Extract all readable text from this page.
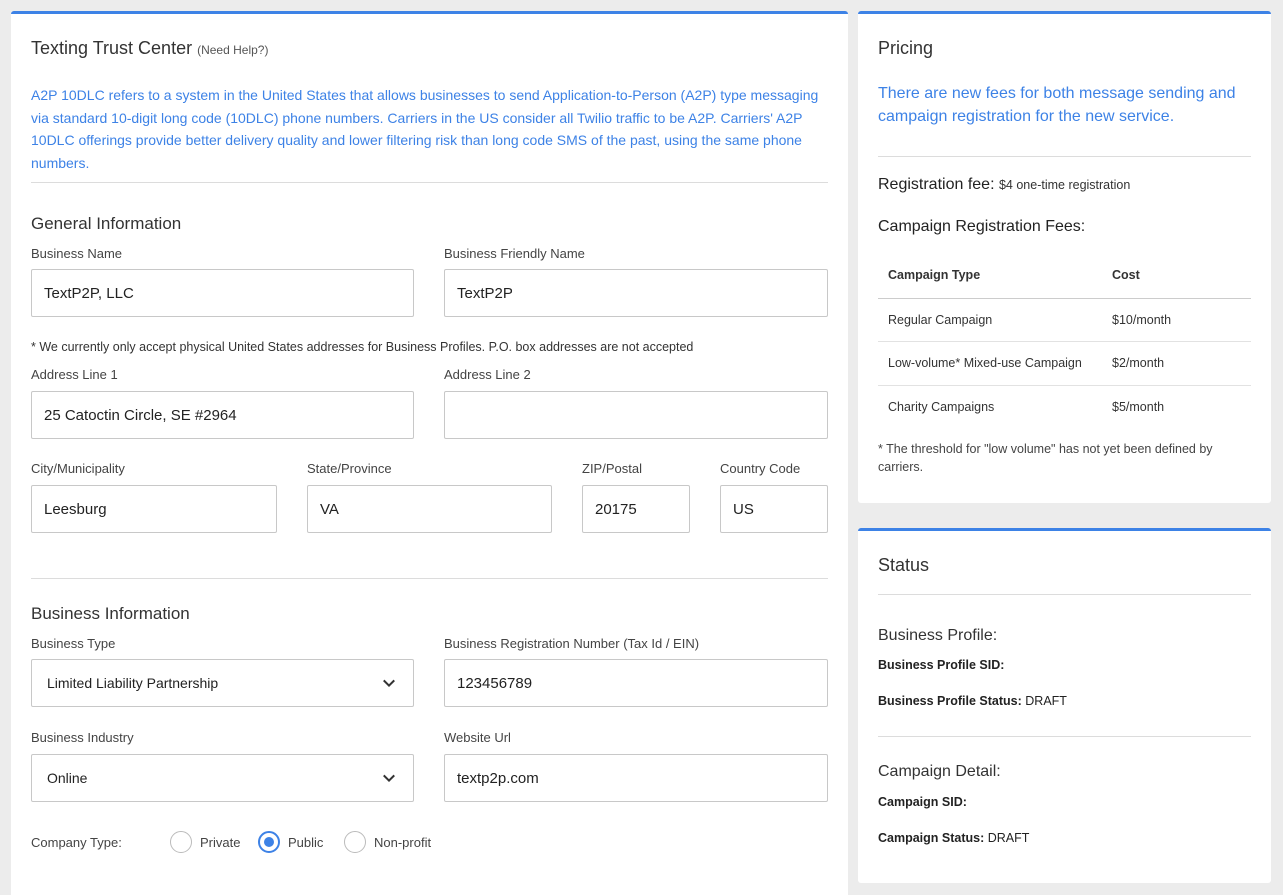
Texting Trust Center (Need Help?)

A2P 10DLC refers to a system in the United States that allows businesses to send Application-to-Person (A2P) type messaging via standard 10-digit long code (10DLC) phone numbers. Carriers in the US consider all Twilio traffic to be A2P. Carriers' A2P 10DLC offerings provide better delivery quality and lower filtering risk than long code SMS of the past, using the same phone numbers.

General Information
Business Name
TextP2P, LLC
Business Friendly Name
TextP2P
* We currently only accept physical United States addresses for Business Profiles. P.O. box addresses are not accepted
Address Line 1
25 Catoctin Circle, SE #2964
Address Line 2
City/Municipality
Leesburg
State/Province
VA
ZIP/Postal
20175
Country Code
US
Business Information
Business Type
Limited Liability Partnership
Business Registration Number (Tax Id / EIN)
123456789
Business Industry
Online
Website Url
textp2p.com
Company Type:	Private	Public	Non-profit
Pricing

There are new fees for both message sending and campaign registration for the new service.

Registration fee: $4 one-time registration
Campaign Registration Fees:
Campaign Type	Cost
Regular Campaign	$10/month
Low-volume* Mixed-use Campaign	$2/month
Charity Campaigns	$5/month

* The threshold for "low volume" has not yet been defined by carriers.

Status
Business Profile:
Business Profile SID:
Business Profile Status: DRAFT
Campaign Detail:
Campaign SID:
Campaign Status: DRAFT
